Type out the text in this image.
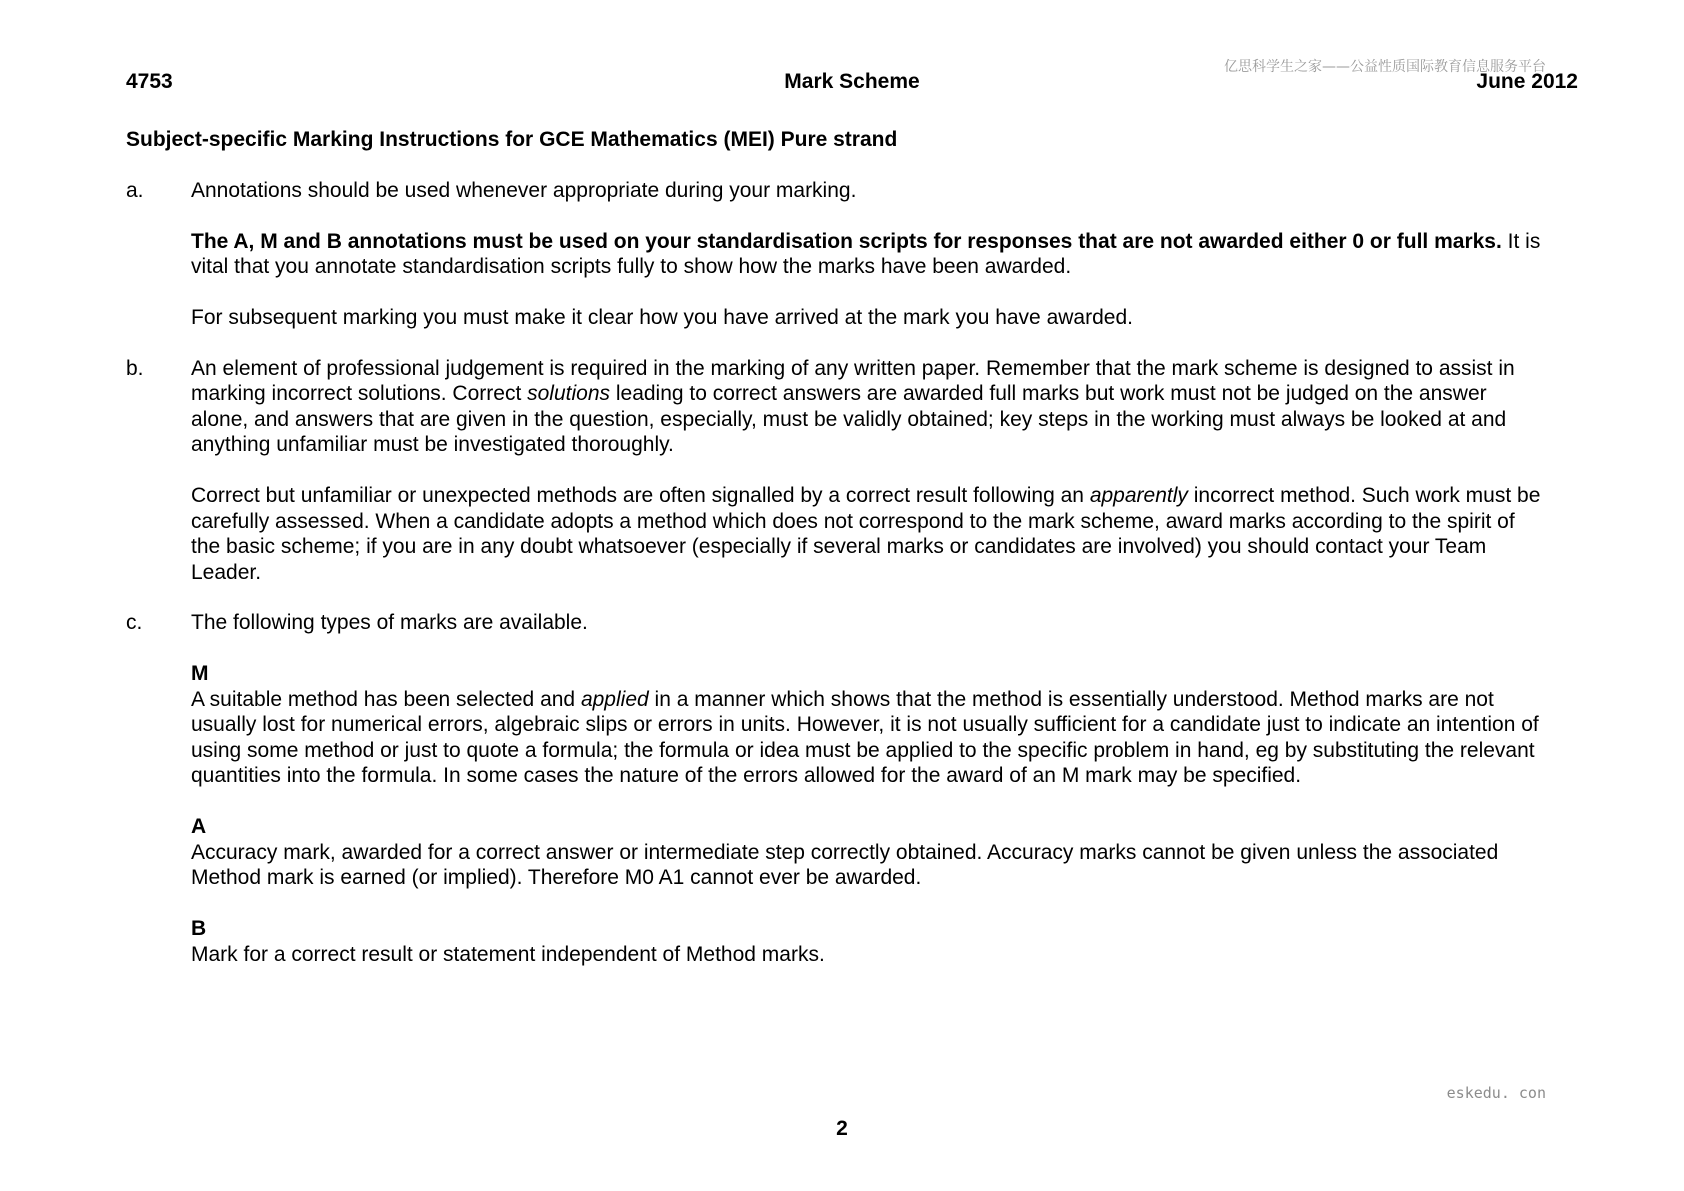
亿思科学生之家——公益性质国际教育信息服务平台
4753	Mark Scheme	June 2012
Subject-specific Marking Instructions for GCE Mathematics (MEI) Pure strand
a.	Annotations should be used whenever appropriate during your marking.

The A, M and B annotations must be used on your standardisation scripts for responses that are not awarded either 0 or full marks. It is vital that you annotate standardisation scripts fully to show how the marks have been awarded.

For subsequent marking you must make it clear how you have arrived at the mark you have awarded.

b.	An element of professional judgement is required in the marking of any written paper. Remember that the mark scheme is designed to assist in marking incorrect solutions. Correct solutions leading to correct answers are awarded full marks but work must not be judged on the answer alone, and answers that are given in the question, especially, must be validly obtained; key steps in the working must always be looked at and anything unfamiliar must be investigated thoroughly.

Correct but unfamiliar or unexpected methods are often signalled by a correct result following an apparently incorrect method. Such work must be carefully assessed. When a candidate adopts a method which does not correspond to the mark scheme, award marks according to the spirit of the basic scheme; if you are in any doubt whatsoever (especially if several marks or candidates are involved) you should contact your Team Leader.

c.	The following types of marks are available.

M
A suitable method has been selected and applied in a manner which shows that the method is essentially understood. Method marks are not usually lost for numerical errors, algebraic slips or errors in units. However, it is not usually sufficient for a candidate just to indicate an intention of using some method or just to quote a formula; the formula or idea must be applied to the specific problem in hand, eg by substituting the relevant quantities into the formula. In some cases the nature of the errors allowed for the award of an M mark may be specified.
A
Accuracy mark, awarded for a correct answer or intermediate step correctly obtained. Accuracy marks cannot be given unless the associated Method mark is earned (or implied). Therefore M0 A1 cannot ever be awarded.
B
Mark for a correct result or statement independent of Method marks.
eskedu. con
2
